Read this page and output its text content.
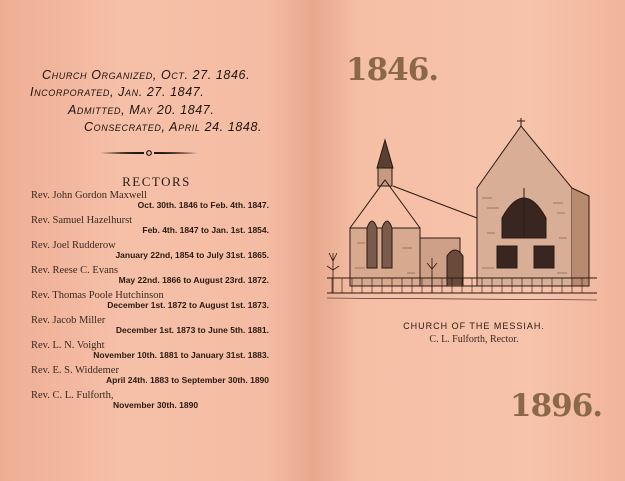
Church Organized, Oct. 27. 1846.
Incorporated, Jan. 27. 1847.
Admitted, May 20. 1847.
Consecrated, April 24. 1848.
RECTORS
Rev. John Gordon Maxwell
Oct. 30th. 1846 to Feb. 4th. 1847.
Rev. Samuel Hazelhurst
Feb. 4th. 1847 to Jan. 1st. 1854.
Rev. Joel Rudderow
January 22nd, 1854 to July 31st. 1865.
Rev. Reese C. Evans
May 22nd. 1866 to August 23rd. 1872.
Rev. Thomas Poole Hutchinson
December 1st. 1872 to August 1st. 1873.
Rev. Jacob Miller
December 1st. 1873 to June 5th. 1881.
Rev. L. N. Voight
November 10th. 1881 to January 31st. 1883.
Rev. E. S. Widdemer
April 24th. 1883 to September 30th. 1890
Rev. C. L. Fulforth,
November 30th. 1890
1846.
CHURCH OF THE MESSIAH.
C. L. Fulforth, Rector.
1896.
